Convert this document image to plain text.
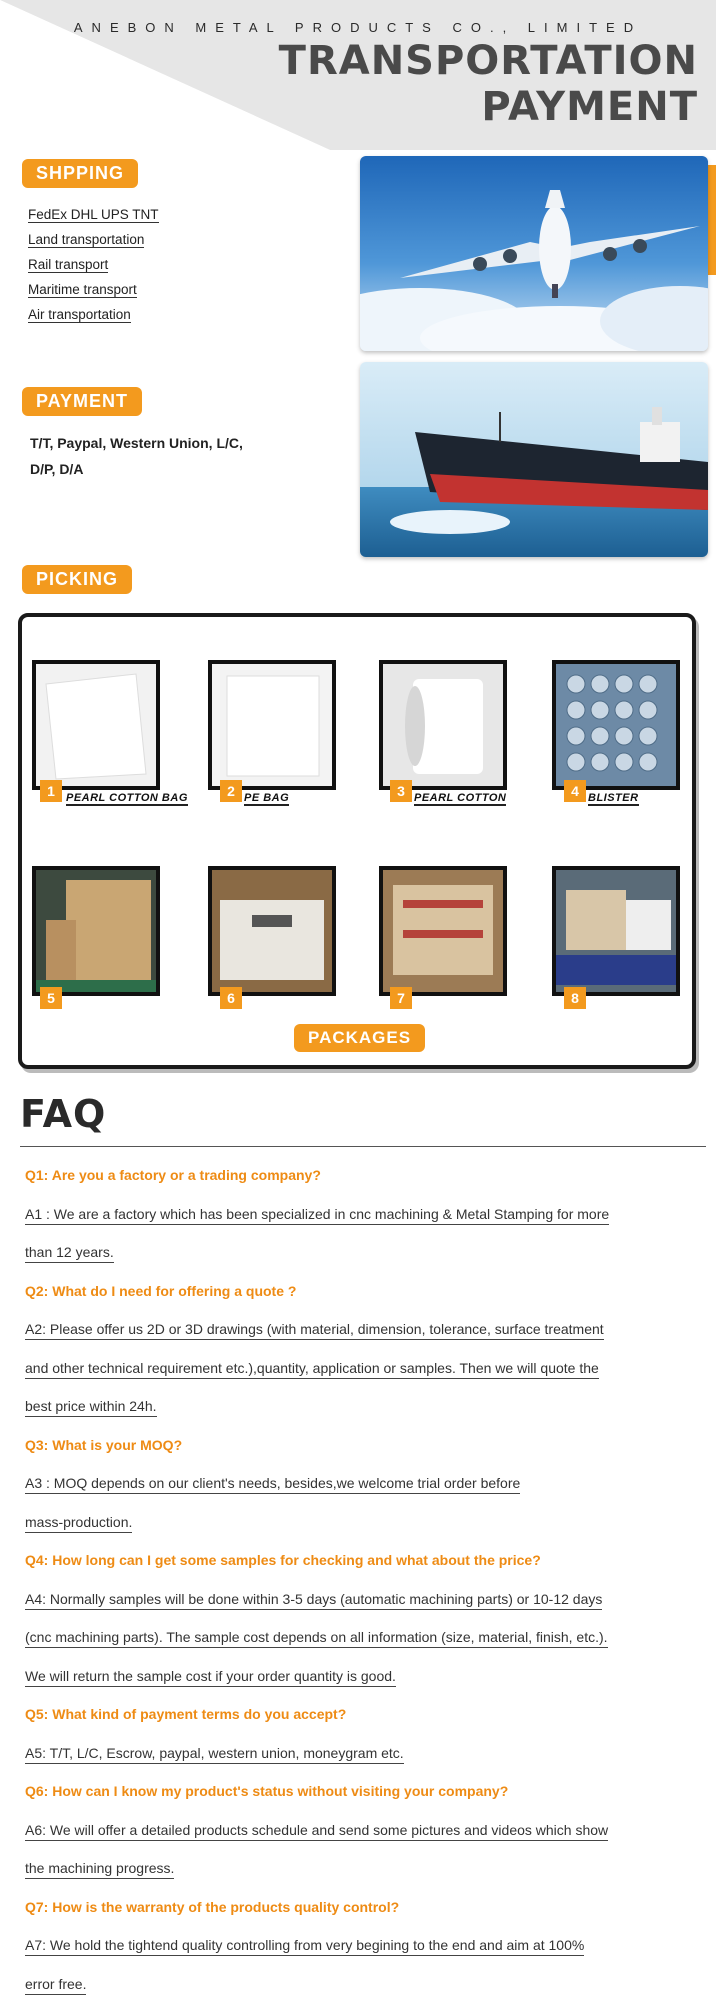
ANEBON METAL PRODUCTS CO., LIMITED
TRANSPORTATION
PAYMENT
SHPPING
FedEx DHL UPS TNT
Land transportation
Rail transport
Maritime transport
Air transportation
PAYMENT
T/T, Paypal, Western Union, L/C, D/P, D/A
PICKING
1	PEARL COTTON BAG	2 PE BAG	3 PEARL COTTON	4 BLISTER
5	6	7	8
PACKAGES
FAQ
Q1: Are you a factory or a trading company?
A1 : We are a factory which has been specialized in cnc machining & Metal Stamping for more
than 12 years.
Q2: What do I need for offering a quote ?
A2: Please offer us 2D or 3D drawings (with material, dimension, tolerance, surface treatment
and other technical requirement etc.),quantity, application or samples. Then we will quote the
best price within 24h.
Q3: What is your MOQ?
A3 : MOQ depends on our client's needs, besides,we welcome trial order before
mass-production.
Q4: How long can I get some samples for checking and what about the price?
A4: Normally samples will be done within 3-5 days (automatic machining parts) or 10-12 days
(cnc machining parts). The sample cost depends on all information (size, material, finish, etc.).
We will return the sample cost if your order quantity is good.
Q5: What kind of payment terms do you accept?
A5: T/T, L/C, Escrow, paypal, western union, moneygram etc.
Q6: How can I know my product's status without visiting your company?
A6: We will offer a detailed products schedule and send some pictures and videos which show
the machining progress.
Q7: How is the warranty of the products quality control?
A7: We hold the tightend quality controlling from very begining to the end and aim at 100%
error free.
